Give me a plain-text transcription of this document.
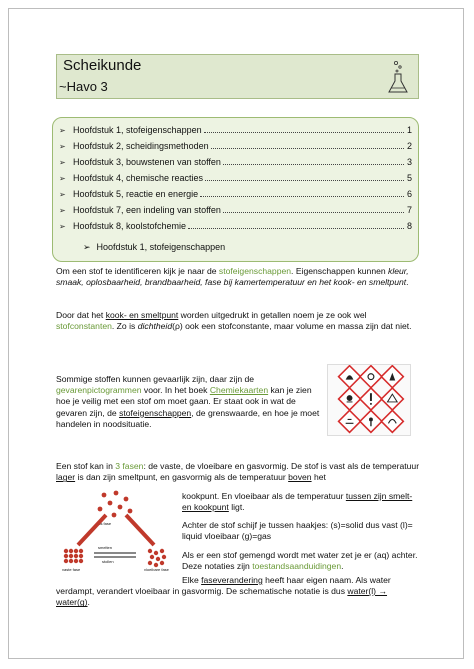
Scheikunde
~Havo 3
➢ Hoofdstuk 1, stofeigenschappen	1
➢ Hoofdstuk 2, scheidingsmethoden	2
➢ Hoofdstuk 3, bouwstenen van stoffen	3
➢ Hoofdstuk 4, chemische reacties	5
➢ Hoofdstuk 5, reactie en energie	6
➢ Hoofdstuk 7, een indeling van stoffen	7
➢ Hoofdstuk 8, koolstofchemie	8
➢ Hoofdstuk 1, stofeigenschappen
Om een stof te identificeren kijk je naar de stofeigenschappen. Eigenschappen kunnen kleur, smaak, oplosbaarheid, brandbaarheid, fase bij kamertemperatuur en het kook- en smeltpunt.
Door dat het kook- en smeltpunt worden uitgedrukt in getallen noem je ze ook wel stofconstanten. Zo is dichtheid(ρ) ook een stofconstante, maar volume en massa zijn dat niet.
Sommige stoffen kunnen gevaarlijk zijn, daar zijn de gevarenpictogrammen voor. In het boek Chemiekaarten kan je zien hoe je veilig met een stof om moet gaan. Er staat ook in wat de gevaren zijn, de stofeigenschappen, de grenswaarde, en hoe je moet handelen in noodsituatie.
Een stof kan in 3 fasen: de vaste, de vloeibare en gasvormig. De stof is vast als de temperatuur lager is dan zijn smeltpunt, en gasvormig als de temperatuur boven het
gas fase
smelten
stollen
vaste fase	vloeibare fase
kookpunt. En vloeibaar als de temperatuur tussen zijn smelt- en kookpunt ligt.
Achter de stof schijf je tussen haakjes: (s)=solid dus vast (l)= liquid vloeibaar (g)=gas
Als er een stof gemengd wordt met water zet je er (aq) achter. Deze notaties zijn toestandsaanduidingen.
Elke faseverandering heeft haar eigen naam. Als water verdampt, verandert vloeibaar in gasvormig. De schematische notatie is dus water(l) → water(g).
